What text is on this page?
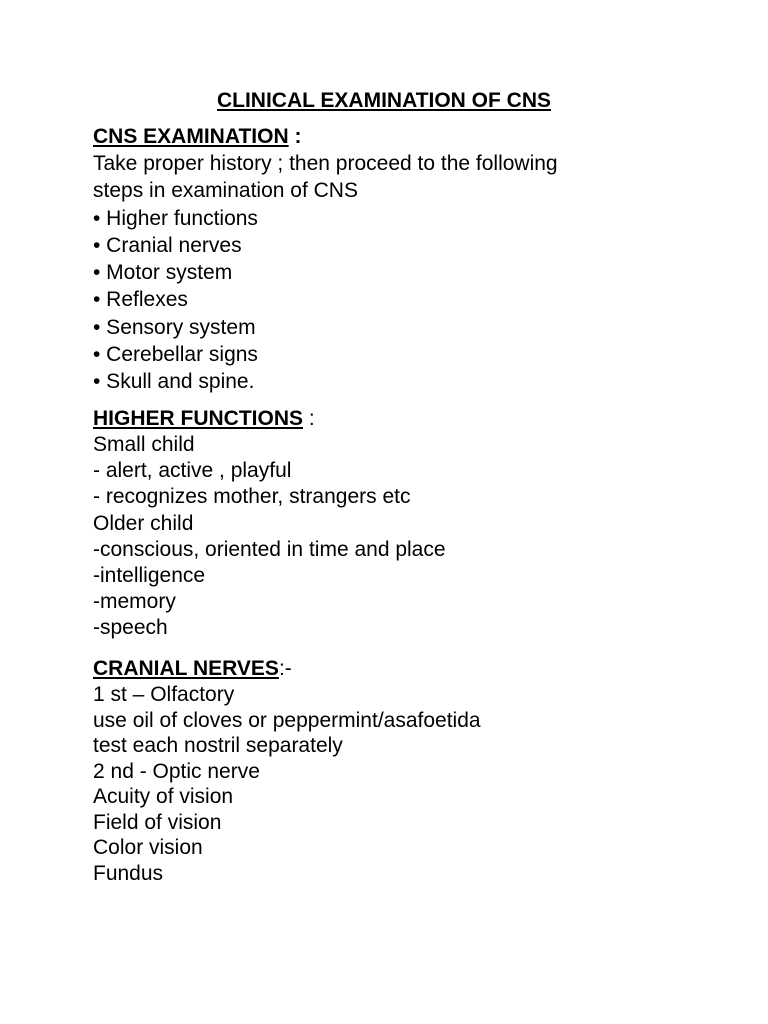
CLINICAL EXAMINATION OF CNS
CNS EXAMINATION :
Take proper history ; then proceed to the following
steps in examination of CNS
• Higher functions
• Cranial nerves
• Motor system
• Reflexes
• Sensory system
• Cerebellar signs
• Skull and spine.
HIGHER FUNCTIONS :
Small child
- alert, active , playful
- recognizes mother, strangers etc
Older child
-conscious, oriented in time and place
-intelligence
-memory
-speech
CRANIAL NERVES:-
1 st – Olfactory
use oil of cloves or peppermint/asafoetida
test each nostril separately
2 nd - Optic nerve
Acuity of vision
Field of vision
Color vision
Fundus
